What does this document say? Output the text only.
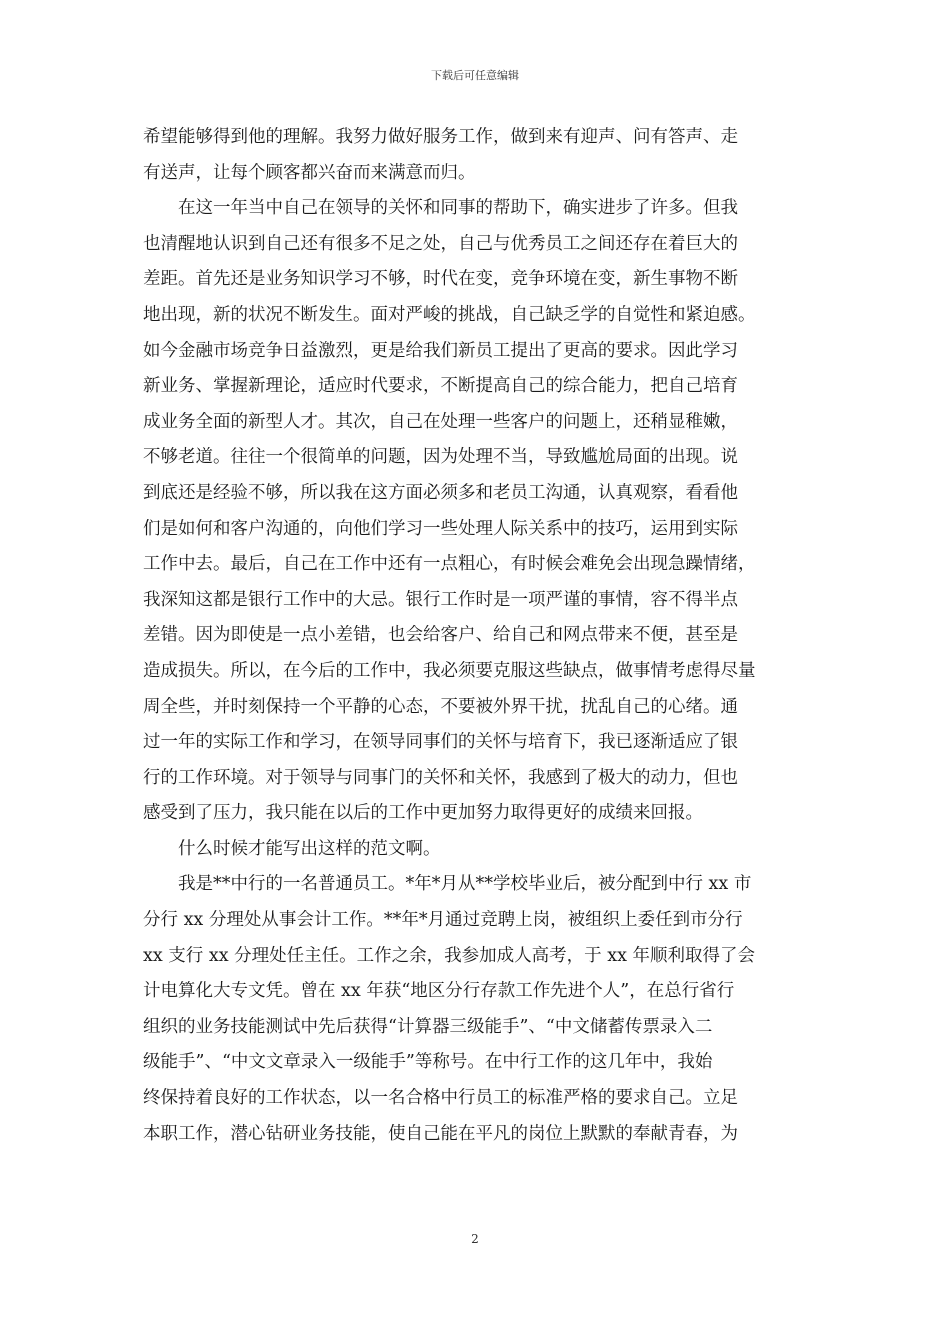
下载后可任意编辑
希望能够得到他的理解。我努力做好服务工作，做到来有迎声、问有答声、走
有送声，让每个顾客都兴奋而来满意而归。
　　在这一年当中自己在领导的关怀和同事的帮助下，确实进步了许多。但我
也清醒地认识到自己还有很多不足之处，自己与优秀员工之间还存在着巨大的
差距。首先还是业务知识学习不够，时代在变，竞争环境在变，新生事物不断
地出现，新的状况不断发生。面对严峻的挑战，自己缺乏学的自觉性和紧迫感。
如今金融市场竞争日益激烈，更是给我们新员工提出了更高的要求。因此学习
新业务、掌握新理论，适应时代要求，不断提高自己的综合能力，把自己培育
成业务全面的新型人才。其次，自己在处理一些客户的问题上，还稍显稚嫩，
不够老道。往往一个很简单的问题，因为处理不当，导致尴尬局面的出现。说
到底还是经验不够，所以我在这方面必须多和老员工沟通，认真观察，看看他
们是如何和客户沟通的，向他们学习一些处理人际关系中的技巧，运用到实际
工作中去。最后，自己在工作中还有一点粗心，有时候会难免会出现急躁情绪，
我深知这都是银行工作中的大忌。银行工作时是一项严谨的事情，容不得半点
差错。因为即使是一点小差错，也会给客户、给自己和网点带来不便，甚至是
造成损失。所以，在今后的工作中，我必须要克服这些缺点，做事情考虑得尽量
周全些，并时刻保持一个平静的心态，不要被外界干扰，扰乱自己的心绪。通
过一年的实际工作和学习，在领导同事们的关怀与培育下，我已逐渐适应了银
行的工作环境。对于领导与同事门的关怀和关怀，我感到了极大的动力，但也
感受到了压力，我只能在以后的工作中更加努力取得更好的成绩来回报。
　　什么时候才能写出这样的范文啊。
　　我是**中行的一名普通员工。*年*月从**学校毕业后，被分配到中行 xx 市
分行 xx 分理处从事会计工作。**年*月通过竞聘上岗，被组织上委任到市分行
xx 支行 xx 分理处任主任。工作之余，我参加成人高考，于 xx 年顺利取得了会
计电算化大专文凭。曾在 xx 年获“地区分行存款工作先进个人”，在总行省行
组织的业务技能测试中先后获得“计算器三级能手”、“中文储蓄传票录入二
级能手”、“中文文章录入一级能手”等称号。在中行工作的这几年中，我始
终保持着良好的工作状态，以一名合格中行员工的标准严格的要求自己。立足
本职工作，潜心钻研业务技能，使自己能在平凡的岗位上默默的奉献青春，为
2
